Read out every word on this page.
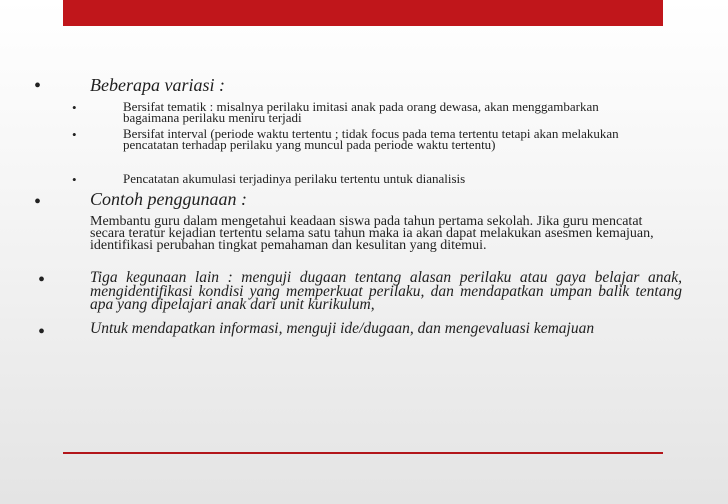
•	Beberapa variasi :
•	Bersifat tematik : misalnya perilaku imitasi anak pada orang dewasa, akan menggambarkan bagaimana perilaku meniru terjadi
•	Bersifat interval (periode waktu tertentu ; tidak focus pada tema tertentu tetapi akan melakukan pencatatan terhadap perilaku yang muncul pada periode waktu tertentu)
•	Pencatatan akumulasi terjadinya perilaku tertentu untuk dianalisis
•	Contoh penggunaan :
Membantu guru dalam mengetahui keadaan siswa pada tahun pertama sekolah. Jika guru mencatat secara teratur kejadian tertentu selama satu tahun maka ia akan dapat melakukan asesmen kemajuan, identifikasi perubahan tingkat pemahaman dan kesulitan yang ditemui.
•	Tiga kegunaan lain : menguji dugaan tentang alasan perilaku atau gaya belajar anak, mengidentifikasi kondisi yang memperkuat perilaku, dan mendapatkan umpan balik tentang apa yang dipelajari anak dari unit kurikulum,
•	Untuk mendapatkan informasi, menguji ide/dugaan, dan mengevaluasi kemajuan
